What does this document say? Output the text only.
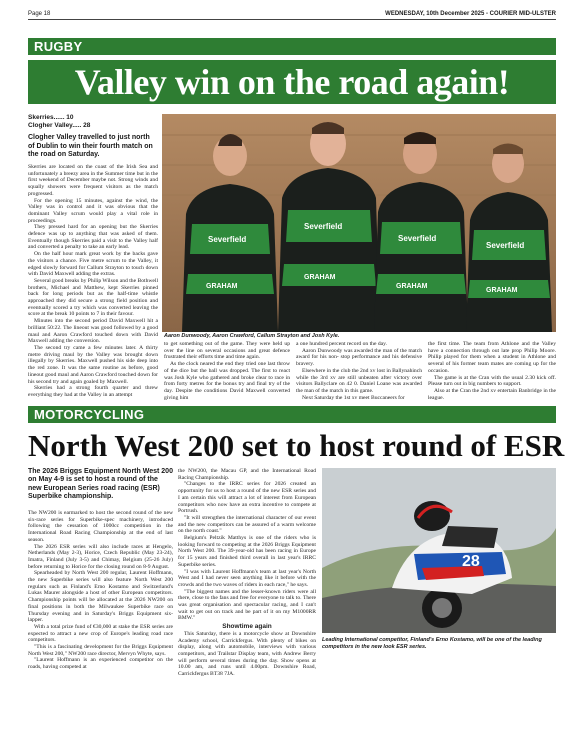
Page 18	WEDNESDAY, 10th December 2025 - COURIER MID-ULSTER
RUGBY
Valley win on the road again!
Skerries...... 10
Clogher Valley..... 28
Clogher Valley travelled to just north of Dublin to win their fourth match on the road on Saturday.

Skerries are located on the coast of the Irish Sea and unfortunately a breezy area in the Summer time but in the first weekend of December maybe not. Strong winds and squally showers were frequent visitors as the match progressed.

For the opening 15 minutes, against the wind, the Valley was in control and it was obvious that the dominant Valley scrum would play a vital role in proceedings.

They pressed hard for an opening but the Skerries defence was up to anything that was asked of them. Eventually though Skerries paid a visit to the Valley half and converted a penalty to take an early lead.

On the half hour mark great work by the backs gave the visitors a chance. Five metre scrum to the Valley, it edged slowly forward for Callum Strayton to touch down with David Maxwell adding the extras.

Several good breaks by Philip Wilson and the Bothwell brothers, Michael and Matthew, kept Skerries pinned back for long periods but as the half-time whistle approached they did secure a strong field position and eventually scored a try which was converted leaving the score at the break 10 points to 7 in their favour.

Minutes into the second period David Maxwell hit a brilliant 50:22. The lineout was good followed by a good maul and Aaron Crawford touched down with David Maxwell adding the conversion.

The second try came a few minutes later. A thirty metre driving maul by the Valley was brought down illegally by Skerries. Maxwell pushed his side deep into the red zone. It was the same routine as before, good lineout good maul and Aaron Crawford touched down for his second try and again goaled by Maxwell.

Skerries had a strong fourth quarter and threw everything they had at the Valley in an attempt

Severfield
Severfield
Severfield
Severfield
GRAHAM
GRAHAM
GRAHAM
GRAHAM
Aaron Dunwoody, Aaron Crawford, Callum Strayton and Josh Kyle.

to get something out of the game. They were held up over the line on several occasions and great defence frustrated their efforts time and time again.

As the clock neared the end they tried one last throw of the dice but the ball was dropped. The first to react was Josh Kyle who gathered and broke clear to race in from forty metres for the bonus try and final try of the day. Despite the conditions David Maxwell converted giving him

a one hundred percent record on the day.

Aaron Dunwoody was awarded the man of the match award for his non- stop performance and his defensive bravery.

Elsewhere in the club the 2nd xv lost in Ballynahinch while the 3rd xv are still unbeaten after victory over visitors Ballyclare on 42 0. Daniel Loane was awarded the man of the match in this game.

Next Saturday the 1st xv meet Buccaneers for

the first time. The team from Athlone and the Valley have a connection through out late prop Philip Moore. Philip played for them when a student in Athlone and several of his former team mates are coming up for the occasion.

The game is at the Cran with the usual 2.30 kick off. Please turn out in big numbers to support.

Also at the Cran the 2nd xv entertain Banbridge in the league.

MOTORCYCLING
North West 200 set to host round of ESR
The 2026 Briggs Equipment North West 200 on May 4-9 is set to host a round of the new European Series road racing (ESR) Superbike championship.

The NW200 is earmarked to host the second round of the new six-race series for Superbike-spec machinery, introduced following the cessation of 1000cc competition in the International Road Racing Championship at the end of last season.

The 2026 ESR series will also include races at Hengelo, Netherlands (May 2-3), Horice, Czech Republic (May 23-24), Imatra, Finland (July 3-5) and Chimay, Belgium (25-26 July) before returning to Horice for the closing round on 8-9 August.

Spearheaded by North West 200 regular, Laurent Hoffmann, the new Superbike series will also feature North West 200 regulars such as Finland's Erno Kostamo and Switzerland's Lukas Maurer alongside a host of other European competitors. Championship points will be allocated at the 2026 NW200 on final positions in both the Milwaukee Superbike race on Thursday evening and in Saturday's Briggs Equipment six-lapper.

With a total prize fund of €30,000 at stake the ESR series are expected to attract a new crop of Europe's leading road race competitors.

"This is a fascinating development for the Briggs Equipment North West 200," NW200 race director, Mervyn Whyte, says.

"Laurent Hoffmann is an experienced competitor on the roads, having competed at

the NW200, the Macau GP, and the International Road Racing Championship.

"Changes to the IRRC series for 2026 created an opportunity for us to host a round of the new ESR series and I am certain this will attract a lot of interest from European competitors who now have an extra incentive to compete at Portrush.

"It will strengthen the international character of our event and the new competitors can be assured of a warm welcome on the north coast."

Belgium's Peltzik Matthys is one of the riders who is looking forward to competing at the 2026 Briggs Equipment North West 200. The 39-year-old has been racing in Europe for 15 years and finished third overall in last year's IRRC Superbike series.

"I was with Laurent Hoffmann's team at last year's North West and I had never seen anything like it before with the crowds and the two waves of riders in each race," he says.

"The biggest names and the lesser-known riders were all there, close to the fans and free for everyone to talk to. There was great organisation and spectacular racing, and I can't wait to get out on track and be part of it on my M1000RR BMW."

Showtime again

This Saturday, there is a motorcycle show at Downshire Academy school, Carrickfergus. With plenty of bikes on display, along with automobile, interviews with various competitors, and Trailstar Display team, with Andrew Berry will perform several times during the day. Show opens at 10.00 am, and runs until 4.00pm. Downshire Road, Carrickfergus BT38 7JA.

28
Leading International competitor, Finland's Erno Kostamo, will be one of the leading competitors in the new look ESR series.
